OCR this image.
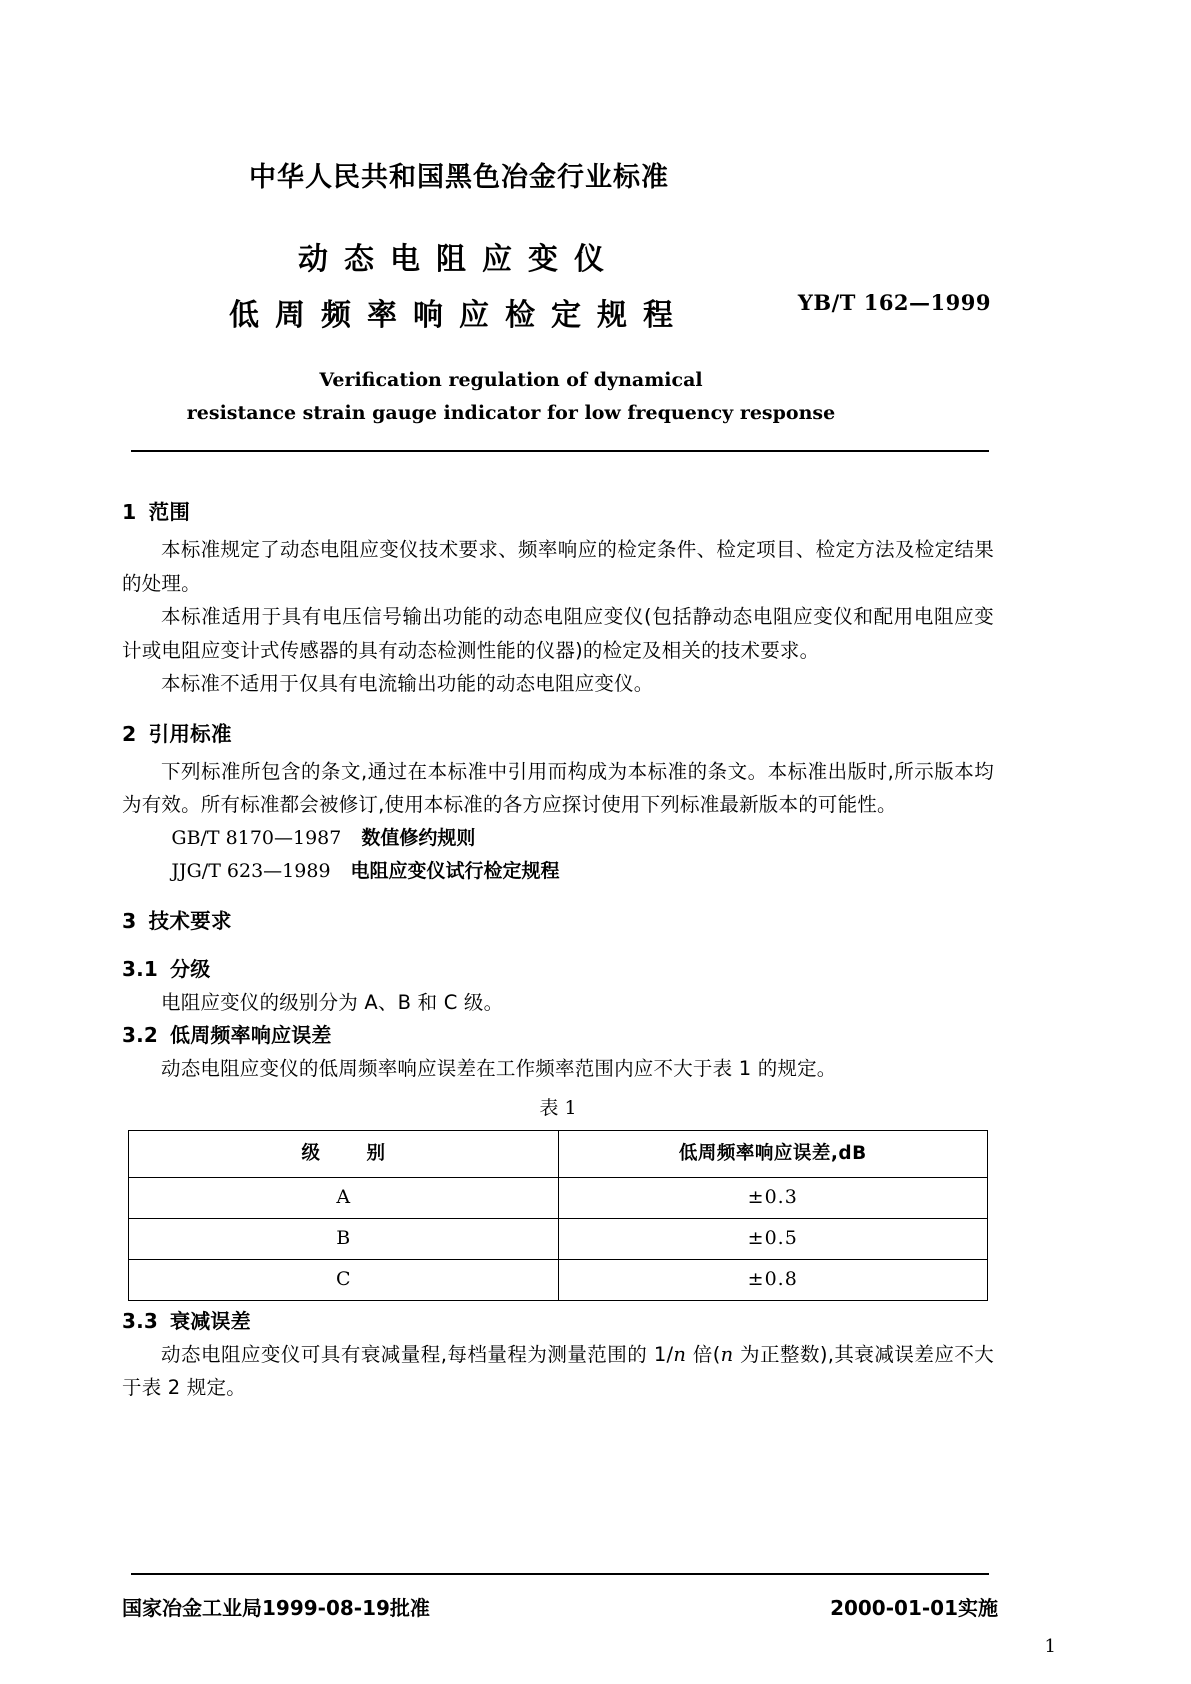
中华人民共和国黑色冶金行业标准
动态电阻应变仪
低周频率响应检定规程	YB/T 162—1999
Verification regulation of dynamical
resistance strain gauge indicator for low frequency response
1 范围

本标准规定了动态电阻应变仪技术要求、频率响应的检定条件、检定项目、检定方法及检定结果的处理。

本标准适用于具有电压信号输出功能的动态电阻应变仪(包括静动态电阻应变仪和配用电阻应变计或电阻应变计式传感器的具有动态检测性能的仪器)的检定及相关的技术要求。

本标准不适用于仅具有电流输出功能的动态电阻应变仪。

2 引用标准

下列标准所包含的条文,通过在本标准中引用而构成为本标准的条文。本标准出版时,所示版本均为有效。所有标准都会被修订,使用本标准的各方应探讨使用下列标准最新版本的可能性。

GB/T 8170—1987 数值修约规则

JJG/T 623—1989 电阻应变仪试行检定规程

3 技术要求
3.1 分级

电阻应变仪的级别分为 A、B 和 C 级。

3.2 低周频率响应误差

动态电阻应变仪的低周频率响应误差在工作频率范围内应不大于表 1 的规定。

表 1
级　别	低周频率响应误差,dB
A	±0.3
B	±0.5
C	±0.8
3.3 衰减误差

动态电阻应变仪可具有衰减量程,每档量程为测量范围的 1/n 倍(n 为正整数),其衰减误差应不大于表 2 规定。

国家冶金工业局1999-08-19批准	2000-01-01实施
1
